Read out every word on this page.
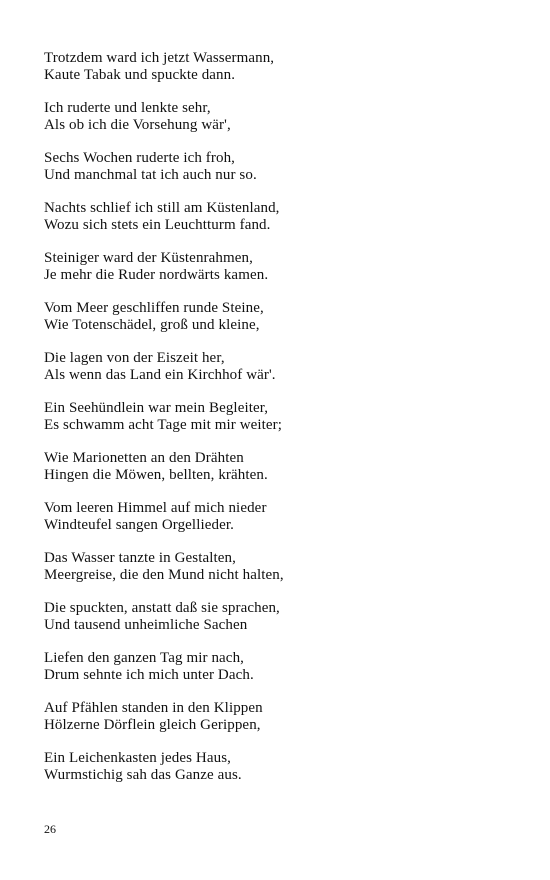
Trotzdem ward ich jetzt Wassermann,
Kaute Tabak und spuckte dann.
Ich ruderte und lenkte sehr,
Als ob ich die Vorsehung wär',
Sechs Wochen ruderte ich froh,
Und manchmal tat ich auch nur so.
Nachts schlief ich still am Küstenland,
Wozu sich stets ein Leuchtturm fand.
Steiniger ward der Küstenrahmen,
Je mehr die Ruder nordwärts kamen.
Vom Meer geschliffen runde Steine,
Wie Totenschädel, groß und kleine,
Die lagen von der Eiszeit her,
Als wenn das Land ein Kirchhof wär'.
Ein Seehündlein war mein Begleiter,
Es schwamm acht Tage mit mir weiter;
Wie Marionetten an den Drähten
Hingen die Möwen, bellten, krähten.
Vom leeren Himmel auf mich nieder
Windteufel sangen Orgellieder.
Das Wasser tanzte in Gestalten,
Meergreise, die den Mund nicht halten,
Die spuckten, anstatt daß sie sprachen,
Und tausend unheimliche Sachen
Liefen den ganzen Tag mir nach,
Drum sehnte ich mich unter Dach.
Auf Pfählen standen in den Klippen
Hölzerne Dörflein gleich Gerippen,
Ein Leichenkasten jedes Haus,
Wurmstichig sah das Ganze aus.
26
